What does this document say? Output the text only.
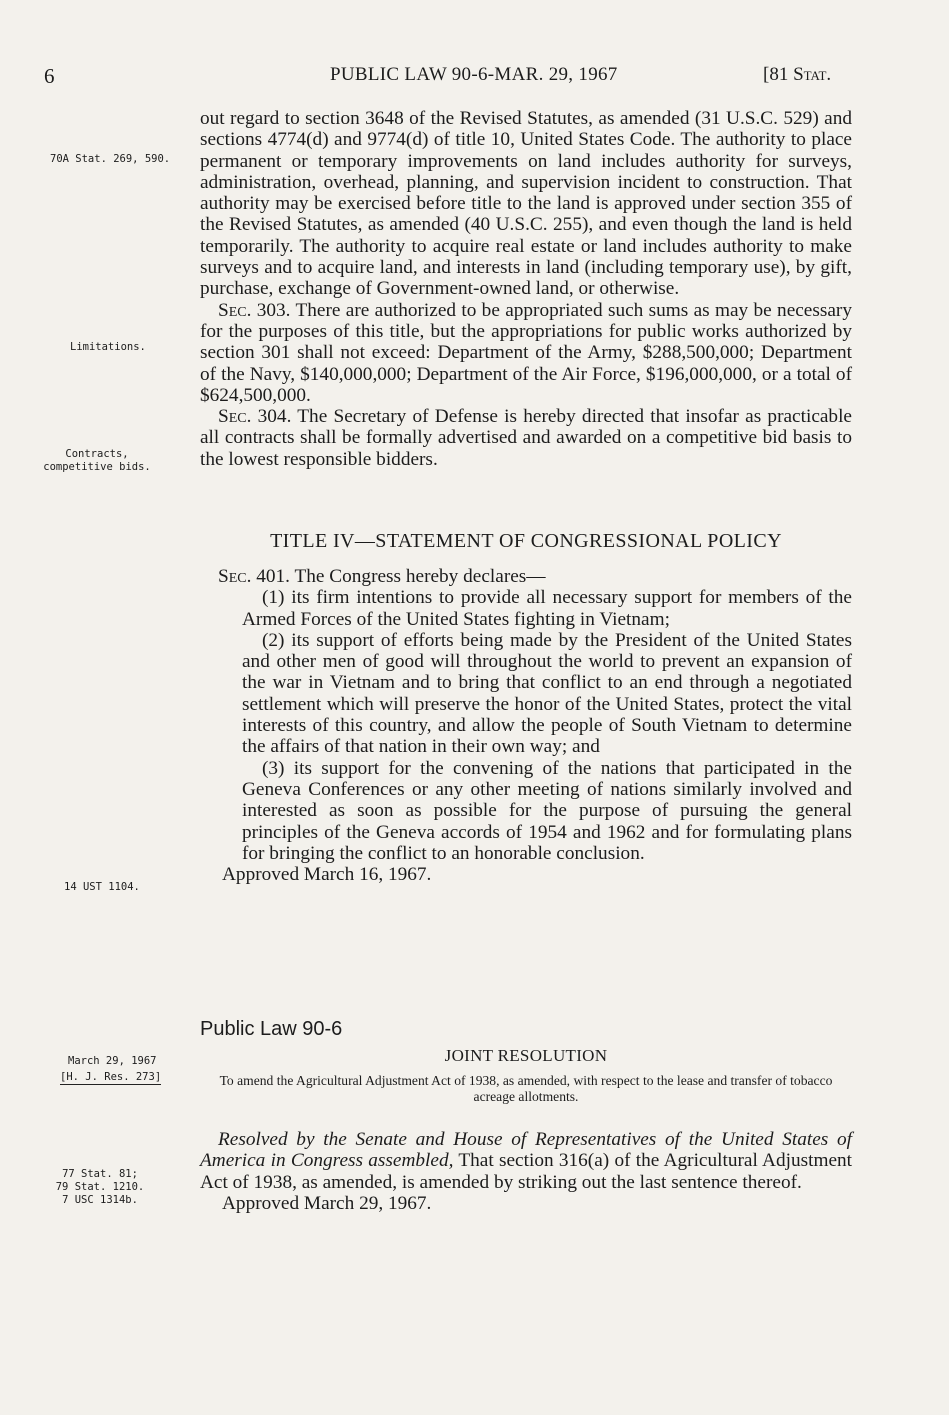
6	PUBLIC LAW 90-6-MAR. 29, 1967	[81 Stat.
70A Stat. 269, 590.
Limitations.
Contracts, competitive bids.
14 UST 1104.
March 29, 1967
[H. J. Res. 273]
77 Stat. 81;
79 Stat. 1210.
7 USC 1314b.

out regard to section 3648 of the Revised Statutes, as amended (31 U.S.C. 529) and sections 4774(d) and 9774(d) of title 10, United States Code. The authority to place permanent or temporary improvements on land includes authority for surveys, administration, overhead, planning, and supervision incident to construction. That authority may be exercised before title to the land is approved under section 355 of the Revised Statutes, as amended (40 U.S.C. 255), and even though the land is held temporarily. The authority to acquire real estate or land includes authority to make surveys and to acquire land, and interests in land (including temporary use), by gift, purchase, exchange of Government-owned land, or otherwise.

Sec. 303. There are authorized to be appropriated such sums as may be necessary for the purposes of this title, but the appropriations for public works authorized by section 301 shall not exceed: Department of the Army, $288,500,000; Department of the Navy, $140,000,000; Department of the Air Force, $196,000,000, or a total of $624,500,000.

Sec. 304. The Secretary of Defense is hereby directed that insofar as practicable all contracts shall be formally advertised and awarded on a competitive bid basis to the lowest responsible bidders.

TITLE IV—STATEMENT OF CONGRESSIONAL POLICY

Sec. 401. The Congress hereby declares—

(1) its firm intentions to provide all necessary support for members of the Armed Forces of the United States fighting in Vietnam;

(2) its support of efforts being made by the President of the United States and other men of good will throughout the world to prevent an expansion of the war in Vietnam and to bring that conflict to an end through a negotiated settlement which will preserve the honor of the United States, protect the vital interests of this country, and allow the people of South Vietnam to determine the affairs of that nation in their own way; and

(3) its support for the convening of the nations that participated in the Geneva Conferences or any other meeting of nations similarly involved and interested as soon as possible for the purpose of pursuing the general principles of the Geneva accords of 1954 and 1962 and for formulating plans for bringing the conflict to an honorable conclusion.

Approved March 16, 1967.

Public Law 90-6
JOINT RESOLUTION
To amend the Agricultural Adjustment Act of 1938, as amended, with respect to the lease and transfer of tobacco acreage allotments.

Resolved by the Senate and House of Representatives of the United States of America in Congress assembled, That section 316(a) of the Agricultural Adjustment Act of 1938, as amended, is amended by striking out the last sentence thereof.

Approved March 29, 1967.
